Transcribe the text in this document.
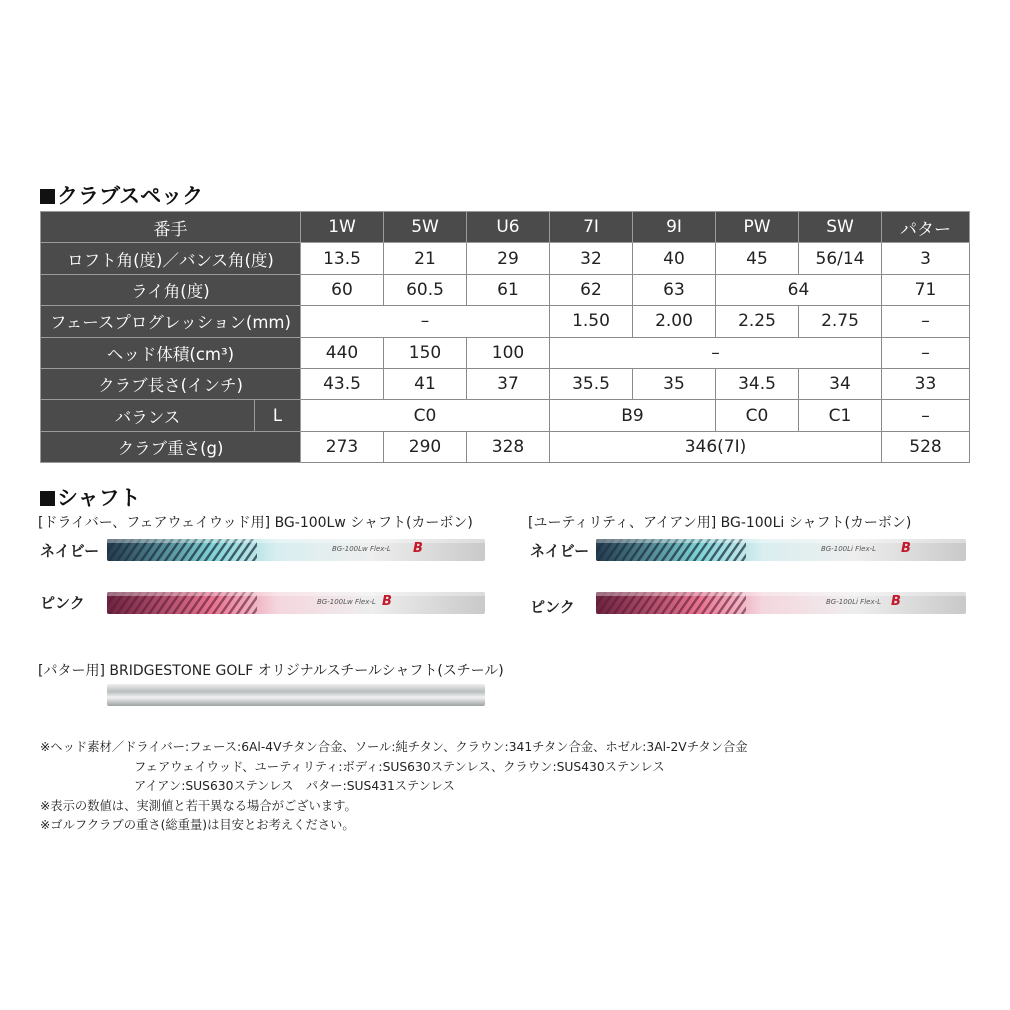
クラブスペック
番手		1W	5W	U6	7I	9I	PW	SW	パター
ロフト角(度)／バンス角(度)		13.5	21	29	32	40	45	56/14	3
ライ角(度)		60	60.5	61	62	63	64		71
フェースプログレッション(mm)		–			1.50	2.00	2.25	2.75	–
ヘッド体積(cm³)		440	150	100	–				–
クラブ長さ(インチ)		43.5	41	37	35.5	35	34.5	34	33
バランス	L	C0			B9		C0	C1	–
クラブ重さ(g)		273	290	328	346(7I)				528
シャフト
[ドライバー、フェアウェイウッド用] BG-100Lw シャフト(カーボン)	[ユーティリティ、アイアン用] BG-100Li シャフト(カーボン)
ネイビー
ピンク
ネイビー
ピンク
BG-100Lw Flex-L B
BG-100Lw Flex-L B
BG-100Li Flex-L B
BG-100Li Flex-L B
[パター用] BRIDGESTONE GOLF オリジナルスチールシャフト(スチール)
※ヘッド素材／ドライバー:フェース:6Al-4Vチタン合金、ソール:純チタン、クラウン:341チタン合金、ホゼル:3Al-2Vチタン合金
フェアウェイウッド、ユーティリティ:ボディ:SUS630ステンレス、クラウン:SUS430ステンレス
アイアン:SUS630ステンレス　パター:SUS431ステンレス
※表示の数値は、実測値と若干異なる場合がございます。
※ゴルフクラブの重さ(総重量)は目安とお考えください。
